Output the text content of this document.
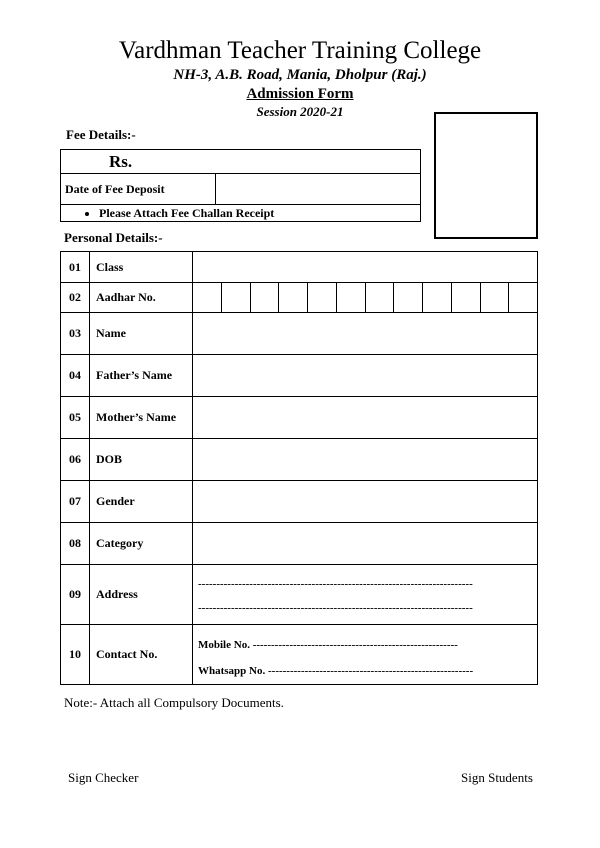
Vardhman Teacher Training College
NH-3, A.B. Road, Mania, Dholpur (Raj.)
Admission Form
Session 2020-21
Fee Details:-
Rs.
Date of Fee Deposit	

• Please Attach Fee Challan Receipt
Personal Details:-
01	Class	
02	Aadhar No.	

03	Name	
04	Father’s Name	
05	Mother’s Name	
06	DOB	
07	Gender	
08	Category	
09	Address	---------------------------------------------------------------------------
---------------------------------------------------------------------------

10	Contact No.	Mobile No. --------------------------------------------------------
Whatsapp No. --------------------------------------------------------
Note:- Attach all Compulsory Documents.
Sign Checker	Sign Students
